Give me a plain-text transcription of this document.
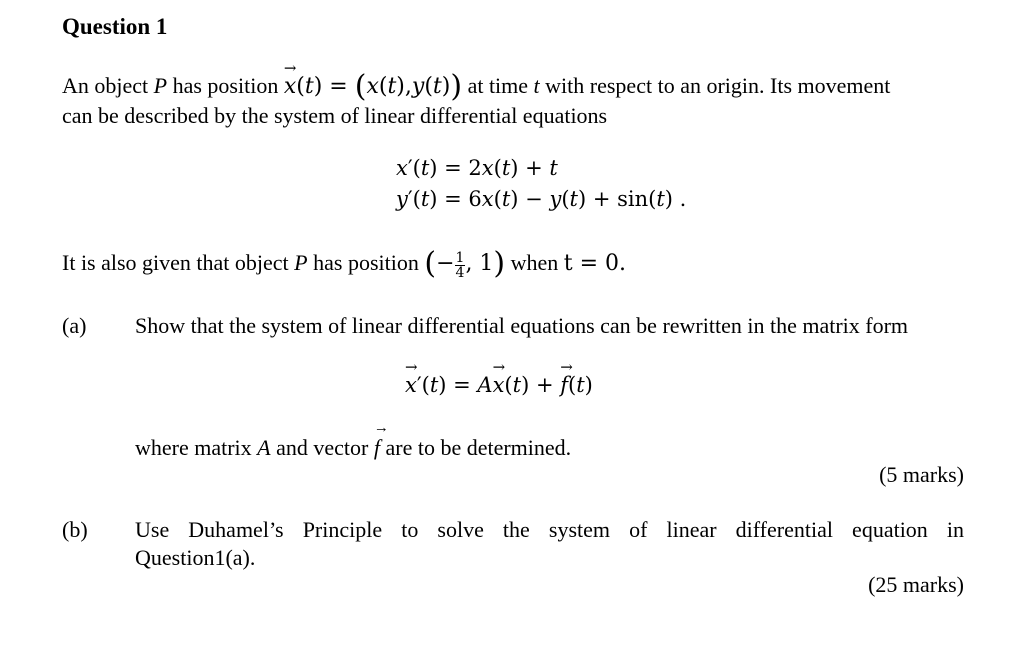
Question 1
An object P has position → x(t) = (x(t),y(t)) at time t with respect to an origin. Its movement
can be described by the system of linear differential equations
x′(t) = 2x(t) + t
y′(t) = 6x(t) − y(t) + sin(t) .
It is also given that object P has position (− $\frac{1}{4}$ , 1) when t = 0.
(a) Show that the system of linear differential equations can be rewritten in the matrix form
→ x′(t) = A→ x(t) + → f(t)
where matrix A and vector → f are to be determined.
(5 marks)
(b) Use Duhamel’s Principle to solve the system of linear differential equation in
Question1(a).
(25 marks)
